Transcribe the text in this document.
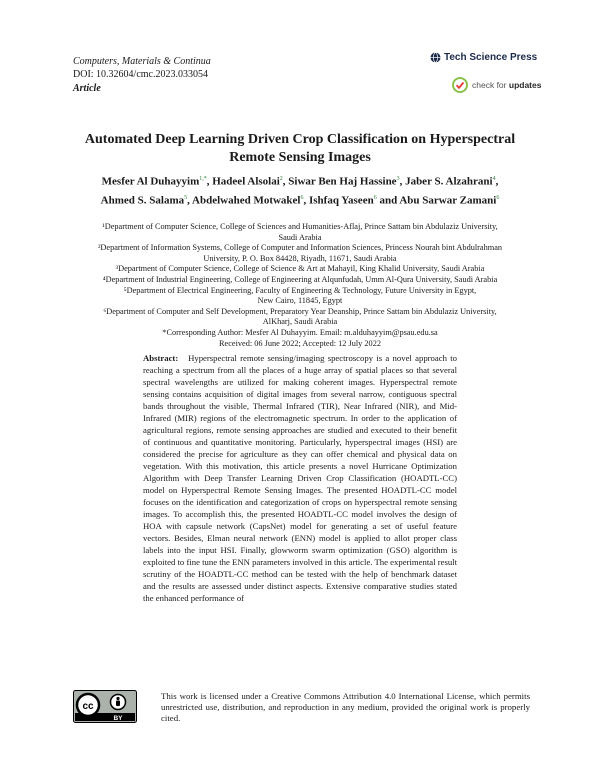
Computers, Materials & Continua
DOI: 10.32604/cmc.2023.033054
Article
Tech Science Press
check for updates
Automated Deep Learning Driven Crop Classification on Hyperspectral
Remote Sensing Images
Mesfer Al Duhayyim$^{1,*}$, Hadeel Alsolai$^2$, Siwar Ben Haj Hassine$^3$, Jaber S. Alzahrani$^4$,
Ahmed S. Salama$^5$, Abdelwahed Motwakel$^6$, Ishfaq Yaseen$^6$ and Abu Sarwar Zamani$^6$
¹Department of Computer Science, College of Sciences and Humanities-Aflaj, Prince Sattam bin Abdulaziz University,
Saudi Arabia
²Department of Information Systems, College of Computer and Information Sciences, Princess Nourah bint Abdulrahman
University, P. O. Box 84428, Riyadh, 11671, Saudi Arabia
³Department of Computer Science, College of Science & Art at Mahayil, King Khalid University, Saudi Arabia
⁴Department of Industrial Engineering, College of Engineering at Alqunfudah, Umm Al-Qura University, Saudi Arabia
⁵Department of Electrical Engineering, Faculty of Engineering & Technology, Future University in Egypt,
New Cairo, 11845, Egypt
⁶Department of Computer and Self Development, Preparatory Year Deanship, Prince Sattam bin Abdulaziz University,
AlKharj, Saudi Arabia
*Corresponding Author: Mesfer Al Duhayyim. Email: m.alduhayyim@psau.edu.sa
Received: 06 June 2022; Accepted: 12 July 2022
Abstract: Hyperspectral remote sensing/imaging spectroscopy is a novel approach to reaching a spectrum from all the places of a huge array of spatial places so that several spectral wavelengths are utilized for making coherent images. Hyperspectral remote sensing contains acquisition of digital images from several narrow, contiguous spectral bands throughout the visible, Thermal Infrared (TIR), Near Infrared (NIR), and Mid-Infrared (MIR) regions of the electromagnetic spectrum. In order to the application of agricultural regions, remote sensing approaches are studied and executed to their benefit of continuous and quantitative monitoring. Particularly, hyperspectral images (HSI) are considered the precise for agriculture as they can offer chemical and physical data on vegetation. With this motivation, this article presents a novel Hurricane Optimization Algorithm with Deep Transfer Learning Driven Crop Classification (HOADTL-CC) model on Hyperspectral Remote Sensing Images. The presented HOADTL-CC model focuses on the identification and categorization of crops on hyperspectral remote sensing images. To accomplish this, the presented HOADTL-CC model involves the design of HOA with capsule network (CapsNet) model for generating a set of useful feature vectors. Besides, Elman neural network (ENN) model is applied to allot proper class labels into the input HSI. Finally, glowworm swarm optimization (GSO) algorithm is exploited to fine tune the ENN parameters involved in this article. The experimental result scrutiny of the HOADTL-CC method can be tested with the help of benchmark dataset and the results are assessed under distinct aspects. Extensive comparative studies stated the enhanced performance of
cc
BY
This work is licensed under a Creative Commons Attribution 4.0 International License, which permits unrestricted use, distribution, and reproduction in any medium, provided the original work is properly cited.
